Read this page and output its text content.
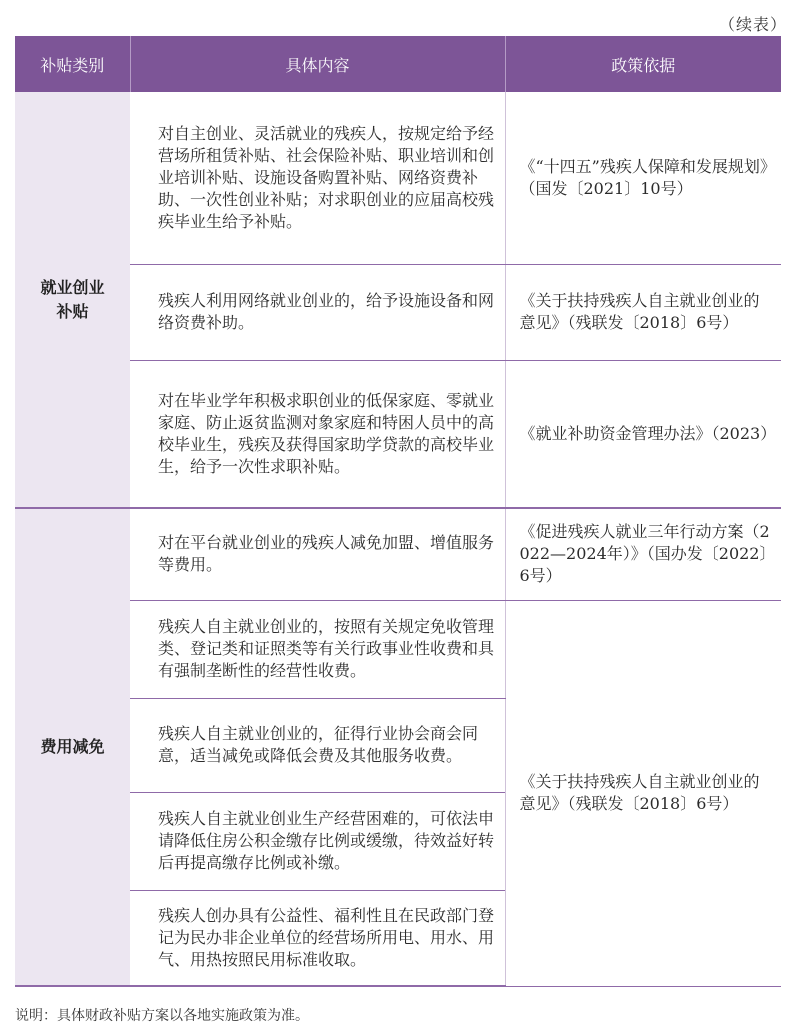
（续表）
补贴类别	具体内容	政策依据
就业创业
补贴	对自主创业、灵活就业的残疾人，按规定给予经营场所租赁补贴、社会保险补贴、职业培训和创业培训补贴、设施设备购置补贴、网络资费补助、一次性创业补贴；对求职创业的应届高校残疾毕业生给予补贴。	《“十四五”残疾人保障和发展规划》（国发〔2021〕10号）
	残疾人利用网络就业创业的，给予设施设备和网络资费补助。	《关于扶持残疾人自主就业创业的意见》（残联发〔2018〕6号）
	对在毕业学年积极求职创业的低保家庭、零就业家庭、防止返贫监测对象家庭和特困人员中的高校毕业生，残疾及获得国家助学贷款的高校毕业生，给予一次性求职补贴。	《就业补助资金管理办法》（2023）
费用减免	对在平台就业创业的残疾人减免加盟、增值服务等费用。	《促进残疾人就业三年行动方案（2022—2024年）》（国办发〔2022〕6号）
	残疾人自主就业创业的，按照有关规定免收管理类、登记类和证照类等有关行政事业性收费和具有强制垄断性的经营性收费。	《关于扶持残疾人自主就业创业的意见》（残联发〔2018〕6号）
	残疾人自主就业创业的，征得行业协会商会同意，适当减免或降低会费及其他服务收费。	
	残疾人自主就业创业生产经营困难的，可依法申请降低住房公积金缴存比例或缓缴，待效益好转后再提高缴存比例或补缴。	
	残疾人创办具有公益性、福利性且在民政部门登记为民办非企业单位的经营场所用电、用水、用气、用热按照民用标准收取。	
说明：具体财政补贴方案以各地实施政策为准。
